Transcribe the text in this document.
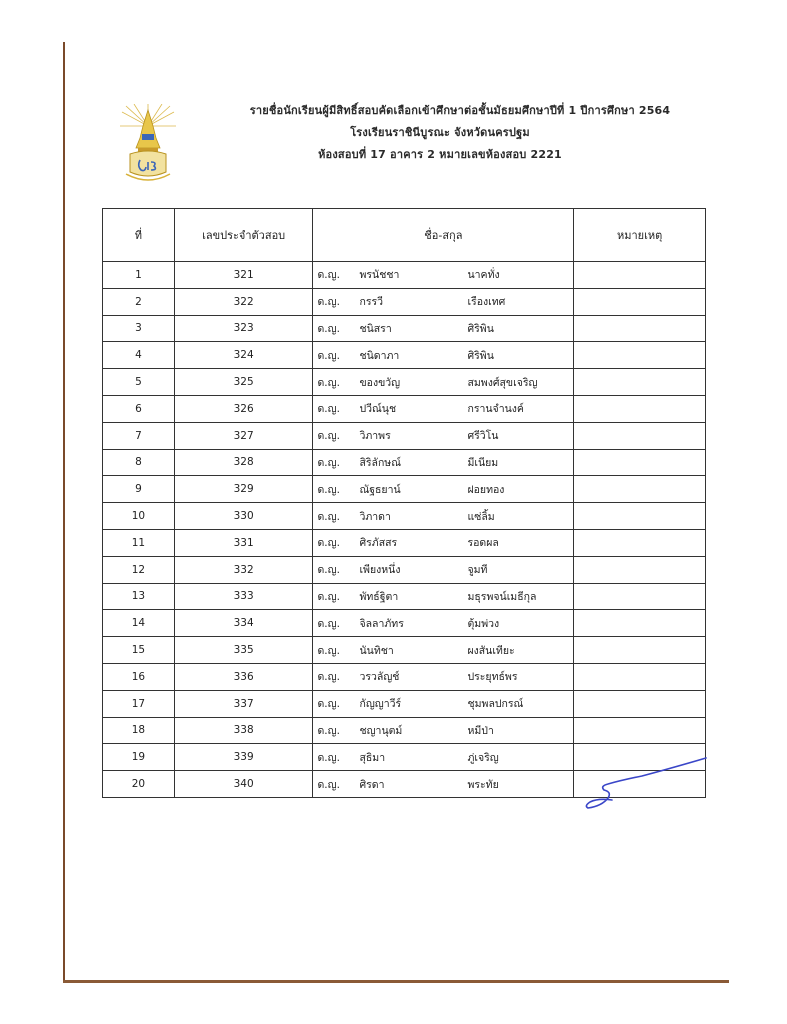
รายชื่อนักเรียนผู้มีสิทธิ์สอบคัดเลือกเข้าศึกษาต่อชั้นมัธยมศึกษาปีที่ 1 ปีการศึกษา 2564
โรงเรียนราชินีบูรณะ จังหวัดนครปฐม
ห้องสอบที่ 17 อาคาร 2 หมายเลขห้องสอบ 2221
ที่	เลขประจำตัวสอบ	ชื่อ-สกุล	หมายเหตุ
1	321	ด.ญ. พรนัชชา นาคทั่ง	

2	322	ด.ญ. กรรวี เรืองเทศ	

3	323	ด.ญ. ชนิสรา ศิริพิน	

4	324	ด.ญ. ชนิดาภา ศิริพิน	

5	325	ด.ญ. ของขวัญ สมพงศ์สุขเจริญ	

6	326	ด.ญ. ปวีณ์นุช กรานจำนงค์	

7	327	ด.ญ. วิภาพร ศรีวิโน	

8	328	ด.ญ. สิริลักษณ์ มีเนียม	

9	329	ด.ญ. ณัฐธยาน์ ฝอยทอง	

10	330	ด.ญ. วิภาดา แซ่ลิ้ม	

11	331	ด.ญ. ศิรภัสสร รอดผล	

12	332	ด.ญ. เพียงหนึ่ง จูมที	

13	333	ด.ญ. พัทธ์ฐิตา มธุรพจน์เมธีกุล	

14	334	ด.ญ. จิลลาภัทร ตุ้มพ่วง	

15	335	ด.ญ. นันทิชา ผงสันเทียะ	

16	336	ด.ญ. วรวลัญช์ ประยุทธ์พร	

17	337	ด.ญ. กัญญาวีร์ ชุมพลปกรณ์	

18	338	ด.ญ. ชญานุตม์ หมีป่า	

19	339	ด.ญ. สุธิมา ภู่เจริญ	

20	340	ด.ญ. ศิรดา พระทัย	
